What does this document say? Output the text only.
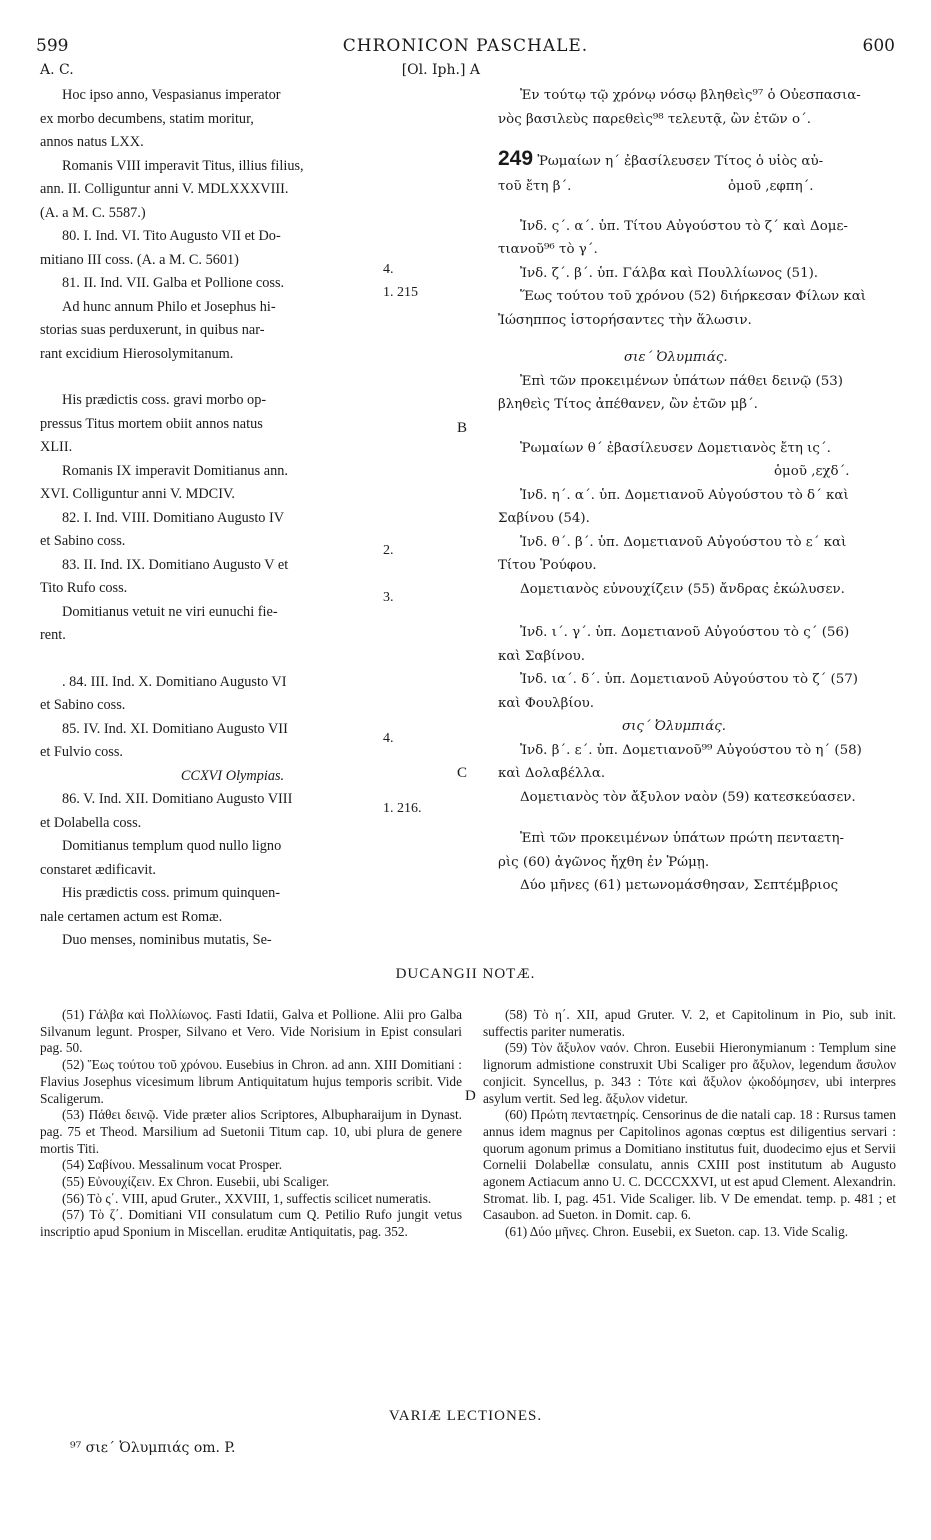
599	CHRONICON PASCHALE.	600
A. C.	[Ol. Iph.] A

Hoc ipso anno, Vespasianus imperator

ex morbo decumbens, statim moritur,

annos natus LXX.

Romanis VIII imperavit Titus, illius filius,

ann. II. Colliguntur anni V. MDLXXXVIII.

(A. a M. C. 5587.)

80. I. Ind. VI. Tito Augusto VII et Do-

mitiano III coss. (A. a M. C. 5601)

81. II. Ind. VII. Galba et Pollione coss.

Ad hunc annum Philo et Josephus hi-

storias suas perduxerunt, in quibus nar-

rant excidium Hierosolymitanum.

His prædictis coss. gravi morbo op-

pressus Titus mortem obiit annos natus

XLII.

Romanis IX imperavit Domitianus ann.

XVI. Colliguntur anni V. MDCIV.

82. I. Ind. VIII. Domitiano Augusto IV

et Sabino coss.

83. II. Ind. IX. Domitiano Augusto V et

Tito Rufo coss.

Domitianus vetuit ne viri eunuchi fie-

rent.

. 84. III. Ind. X. Domitiano Augusto VI

et Sabino coss.

85. IV. Ind. XI. Domitiano Augusto VII

et Fulvio coss.

CCXVI Olympias.

86. V. Ind. XII. Domitiano Augusto VIII

et Dolabella coss.

Domitianus templum quod nullo ligno

constaret ædificavit.

His prædictis coss. primum quinquen-

nale certamen actum est Romæ.

Duo menses, nominibus mutatis, Se-

4.
1. 215
2.
3.
4.
1. 216.
B
C
D

Ἐν τούτῳ τῷ χρόνῳ νόσῳ βληθεὶς⁹⁷ ὁ Οὐεσπασια-

νὸς βασιλεὺς παρεθεὶς⁹⁸ τελευτᾷ, ὢν ἐτῶν ο΄.

249 Ῥωμαίων η΄ ἐβασίλευσεν Τίτος ὁ υἱὸς αὐ-

τοῦ ἔτη β΄.	ὁμοῦ ,εφπη΄.

Ἰνδ. ς΄. α΄. ὑπ. Τίτου Αὐγούστου τὸ ζ΄ καὶ Δομε-

τιανοῦ⁹⁶ τὸ γ΄.

Ἰνδ. ζ΄. β΄. ὑπ. Γάλβα καὶ Πουλλίωνος (51).

Ἕως τούτου τοῦ χρόνου (52) διήρκεσαν Φίλων καὶ

Ἰώσηππος ἱστορήσαντες τὴν ἅλωσιν.

σιε΄ Ὀλυμπιάς.

Ἐπὶ τῶν προκειμένων ὑπάτων πάθει δεινῷ (53)

βληθεὶς Τίτος ἀπέθανεν, ὢν ἐτῶν μβ΄.

Ῥωμαίων θ΄ ἐβασίλευσεν Δομετιανὸς ἔτη ις΄.

ὁμοῦ ,εχδ΄.

Ἰνδ. η΄. α΄. ὑπ. Δομετιανοῦ Αὐγούστου τὸ δ΄ καὶ

Σαβίνου (54).

Ἰνδ. θ΄. β΄. ὑπ. Δομετιανοῦ Αὐγούστου τὸ ε΄ καὶ

Τίτου Ῥούφου.

Δομετιανὸς εὐνουχίζειν (55) ἄνδρας ἐκώλυσεν.

Ἰνδ. ι΄. γ΄. ὑπ. Δομετιανοῦ Αὐγούστου τὸ ς΄ (56)

καὶ Σαβίνου.

Ἰνδ. ια΄. δ΄. ὑπ. Δομετιανοῦ Αὐγούστου τὸ ζ΄ (57)

καὶ Φουλβίου.

σις΄ Ὀλυμπιάς.

Ἰνδ. β΄. ε΄. ὑπ. Δομετιανοῦ⁹⁹ Αὐγούστου τὸ η΄ (58)

καὶ Δολαβέλλα.

Δομετιανὸς τὸν ἄξυλον ναὸν (59) κατεσκεύασεν.

Ἐπὶ τῶν προκειμένων ὑπάτων πρώτη πενταετη-

ρὶς (60) ἀγῶνος ἤχθη ἐν Ῥώμῃ.

Δύο μῆνες (61) μετωνομάσθησαν, Σεπτέμβριος

DUCANGII NOTÆ.

(51) Γάλβα καὶ Πολλίωνος. Fasti Idatii, Galva et Pollione. Alii pro Galba Silvanum legunt. Prosper, Silvano et Vero. Vide Norisium in Epist consulari pag. 50.

(52) Ἕως τούτου τοῦ χρόνου. Eusebius in Chron. ad ann. XIII Domitiani : Flavius Josephus vicesimum librum Antiquitatum hujus temporis scribit. Vide Scaligerum.

(53) Πάθει δεινῷ. Vide præter alios Scriptores, Albupharaijum in Dynast. pag. 75 et Theod. Marsilium ad Suetonii Titum cap. 10, ubi plura de genere mortis Titi.

(54) Σαβίνου. Messalinum vocat Prosper.

(55) Εὐνουχίζειν. Ex Chron. Eusebii, ubi Scaliger.

(56) Τὸ ς΄. VIII, apud Gruter., XXVIII, 1, suffectis scilicet numeratis.

(57) Τὸ ζ΄. Domitiani VII consulatum cum Q. Petilio Rufo jungit vetus inscriptio apud Sponium in Miscellan. eruditæ Antiquitatis, pag. 352.

(58) Τὸ η΄. XII, apud Gruter. V. 2, et Capitolinum in Pio, sub init. suffectis pariter numeratis.

(59) Τὸν ἄξυλον ναόν. Chron. Eusebii Hieronymianum : Templum sine lignorum admistione construxit Ubi Scaliger pro ἄξυλον, legendum ἄσυλον conjicit. Syncellus, p. 343 : Τότε καὶ ἄξυλον ᾠκοδόμησεν, ubi interpres asylum vertit. Sed leg. ἄξυλον videtur.

(60) Πρώτη πενταετηρίς. Censorinus de die natali cap. 18 : Rursus tamen annus idem magnus per Capitolinos agonas cœptus est diligentius servari : quorum agonum primus a Domitiano institutus fuit, duodecimo ejus et Servii Cornelii Dolabellæ consulatu, annis CXIII post institutum ab Augusto agonem Actiacum anno U. C. DCCCXXVI, ut est apud Clement. Alexandrin. Stromat. lib. I, pag. 451. Vide Scaliger. lib. V De emendat. temp. p. 481 ; et Casaubon. ad Sueton. in Domit. cap. 6.

(61) Δύο μῆνες. Chron. Eusebii, ex Sueton. cap. 13. Vide Scalig.

VARIÆ LECTIONES.
⁹⁷ σιε΄ Ὀλυμπιάς om. P.
